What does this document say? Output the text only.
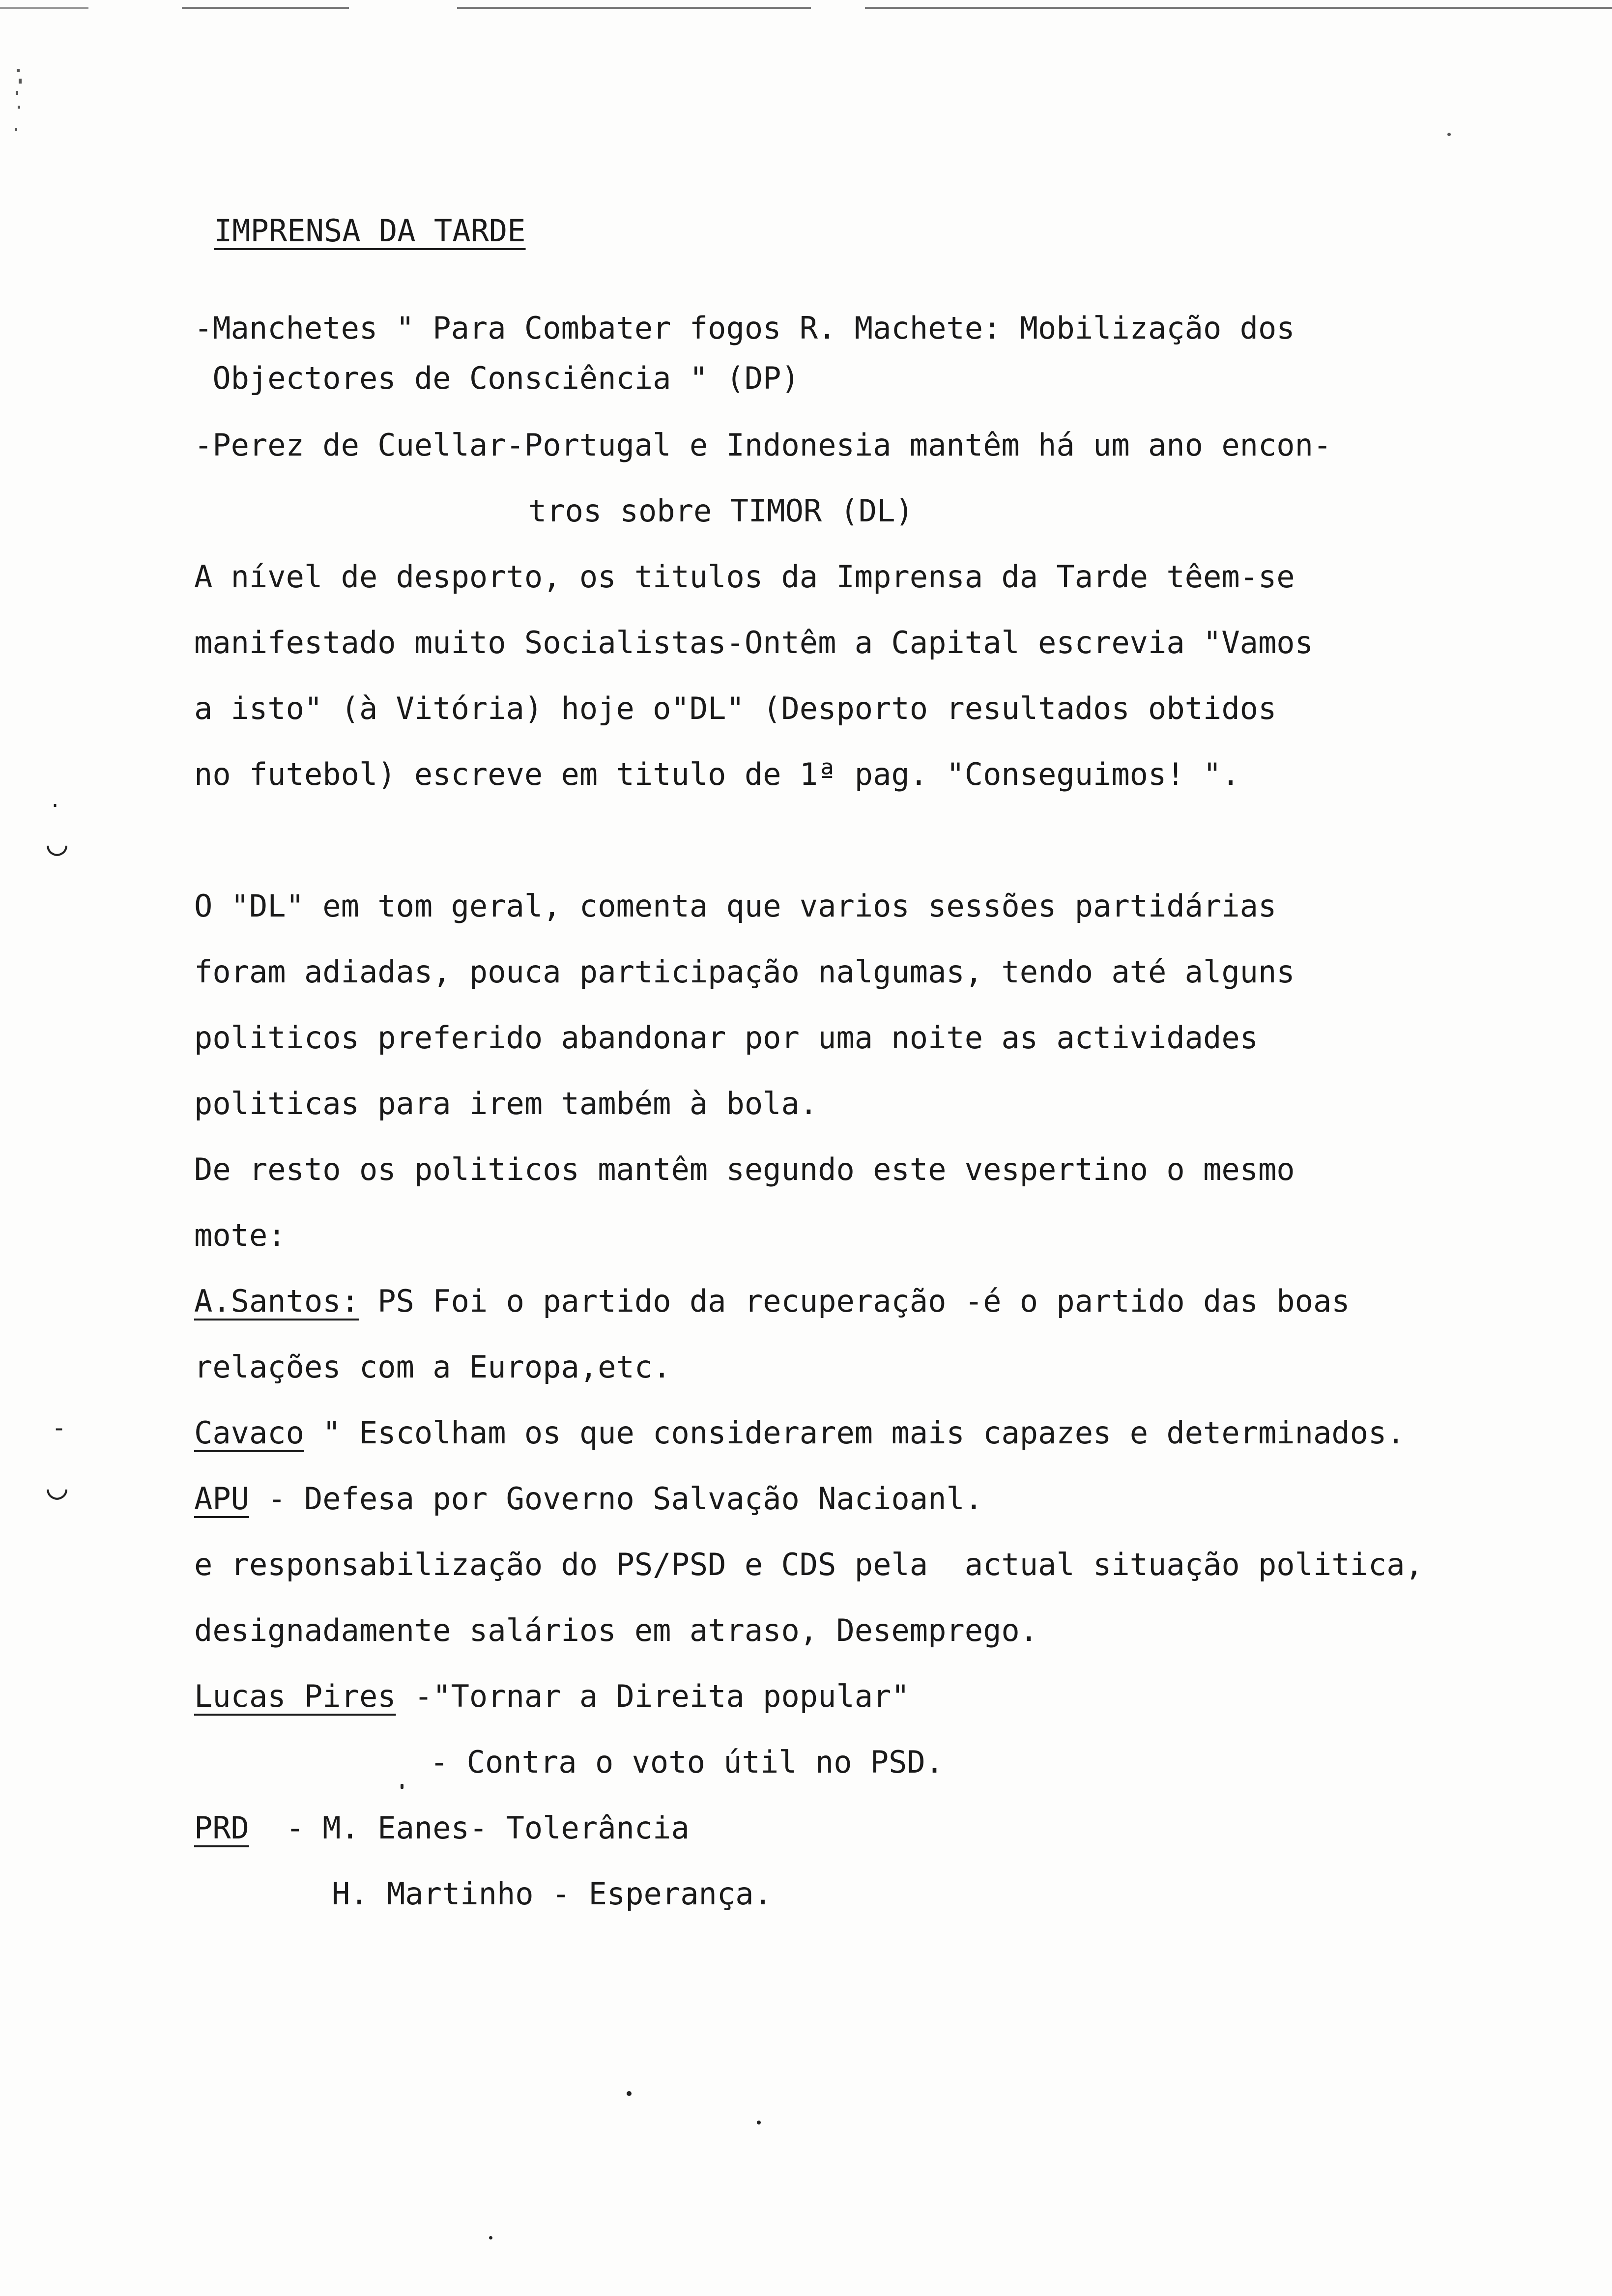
IMPRENSA DA TARDE
-Manchetes " Para Combater fogos R. Machete: Mobilização dos
Objectores de Consciência " (DP)
-Perez de Cuellar-Portugal e Indonesia mantêm há um ano encon-
tros sobre TIMOR (DL)
A nível de desporto, os titulos da Imprensa da Tarde têem-se
manifestado muito Socialistas-Ontêm a Capital escrevia "Vamos
a isto" (à Vitória) hoje o"DL" (Desporto resultados obtidos
no futebol) escreve em titulo de 1ª pag. "Conseguimos! ".
·
◡
O "DL" em tom geral, comenta que varios sessões partidárias
foram adiadas, pouca participação nalgumas, tendo até alguns
politicos preferido abandonar por uma noite as actividades
politicas para irem também à bola.
De resto os politicos mantêm segundo este vespertino o mesmo
mote:
A.Santos: PS Foi o partido da recuperação -é o partido das boas
relações com a Europa,etc.
-
◡
Cavaco " Escolham os que considerarem mais capazes e determinados.
APU - Defesa por Governo Salvação Nacioanl.
e responsabilização do PS/PSD e CDS pela  actual situação politica,
designadamente salários em atraso, Desemprego.
Lucas Pires -"Tornar a Direita popular"
- Contra o voto útil no PSD.
PRD  - M. Eanes- Tolerância
H. Martinho - Esperança.
